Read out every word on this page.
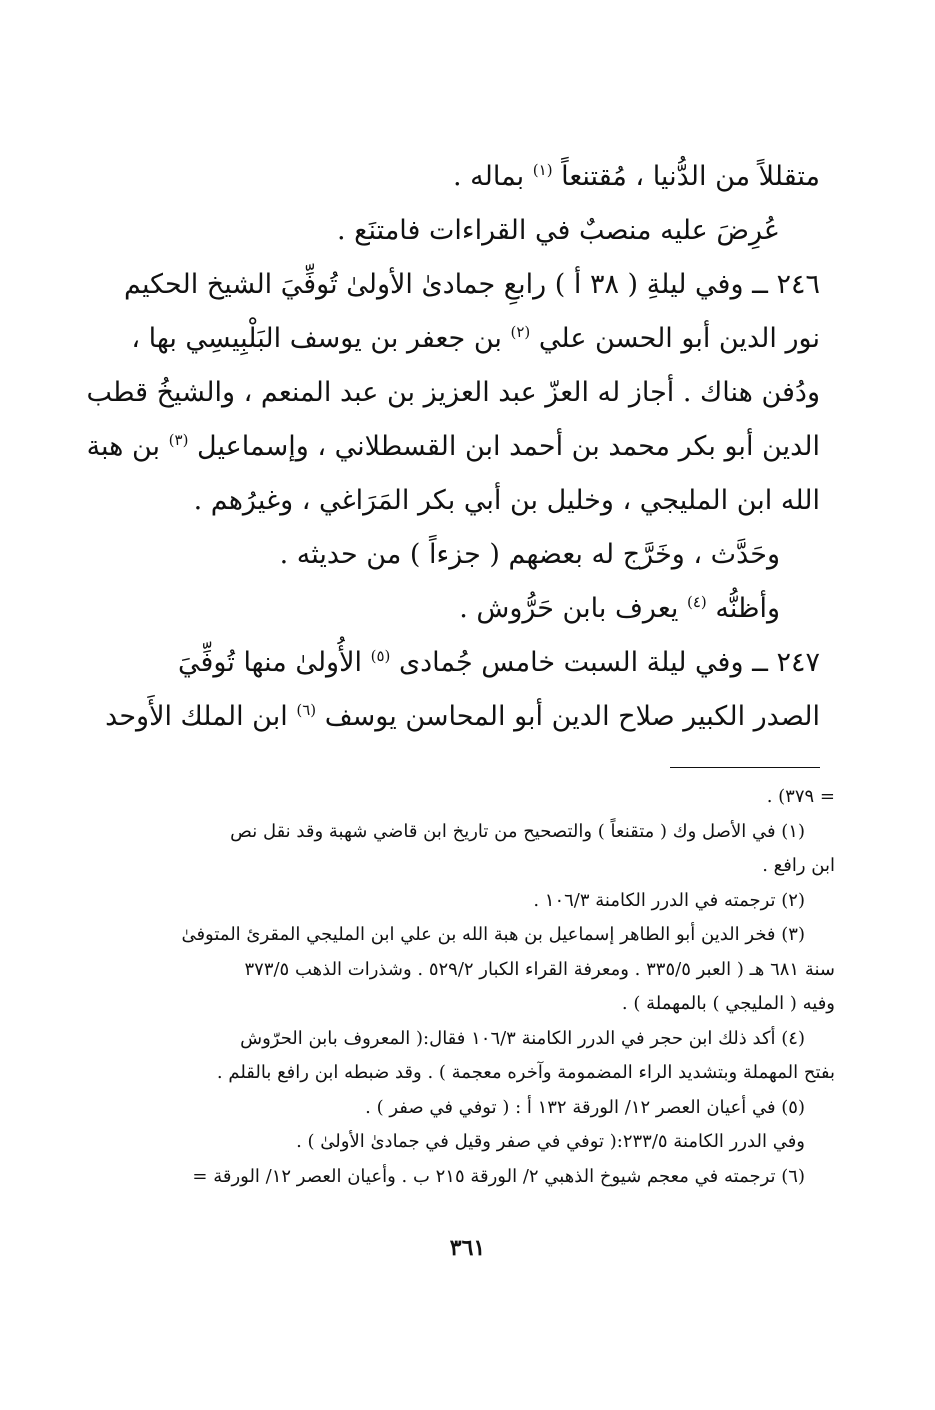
متقللاً من الدُّنيا ، مُقتنعاً $^{(١)}$ بماله .
عُرِضَ عليه منصبٌ في القراءات فامتنَع .
٢٤٦ ــ وفي ليلةِ ( ٣٨ أ ) رابعِ جمادىٰ الأولىٰ تُوفِّيَ الشيخ الحكيم
نور الدين أبو الحسن علي $^{(٢)}$ بن جعفر بن يوسف البَلْبِيسِي بها ،
ودُفن هناك . أجاز له العزّ عبد العزيز بن عبد المنعم ، والشيخُ قطب
الدين أبو بكر محمد بن أحمد ابن القسطلاني ، وإسماعيل $^{(٣)}$ بن هبة
الله ابن المليجي ، وخليل بن أبي بكر المَرَاغي ، وغيرُهم .
وحَدَّث ، وخَرَّج له بعضهم ( جزءاً ) من حديثه .
وأظنُّه $^{(٤)}$ يعرف بابن حَرُّوش .
٢٤٧ ــ وفي ليلة السبت خامس جُمادى $^{(٥)}$ الأُولىٰ منها تُوفِّيَ
الصدر الكبير صلاح الدين أبو المحاسن يوسف $^{(٦)}$ ابن الملك الأَوحد
= ٣٧٩) .
(١) في الأصل وك ( متقنعاً ) والتصحيح من تاريخ ابن قاضي شهبة وقد نقل نص
ابن رافع .
(٢) ترجمته في الدرر الكامنة ١٠٦/٣ .
(٣) فخر الدين أبو الطاهر إسماعيل بن هبة الله بن علي ابن المليجي المقرئ المتوفىٰ
سنة ٦٨١ هـ ( العبر ٣٣٥/٥ . ومعرفة القراء الكبار ٥٢٩/٢ . وشذرات الذهب ٣٧٣/٥
وفيه ( المليجي ) بالمهملة ) .
(٤) أكد ذلك ابن حجر في الدرر الكامنة ١٠٦/٣ فقال:( المعروف بابن الحرّوش
بفتح المهملة وبتشديد الراء المضمومة وآخره معجمة ) . وقد ضبطه ابن رافع بالقلم .
(٥) في أعيان العصر ١٢/ الورقة ١٣٢ أ : ( توفي في صفر ) .
وفي الدرر الكامنة ٢٣٣/٥:( توفي في صفر وقيل في جمادىٰ الأولىٰ ) .
(٦) ترجمته في معجم شيوخ الذهبي ٢/ الورقة ٢١٥ ب . وأعيان العصر ١٢/ الورقة =
٣٦١
